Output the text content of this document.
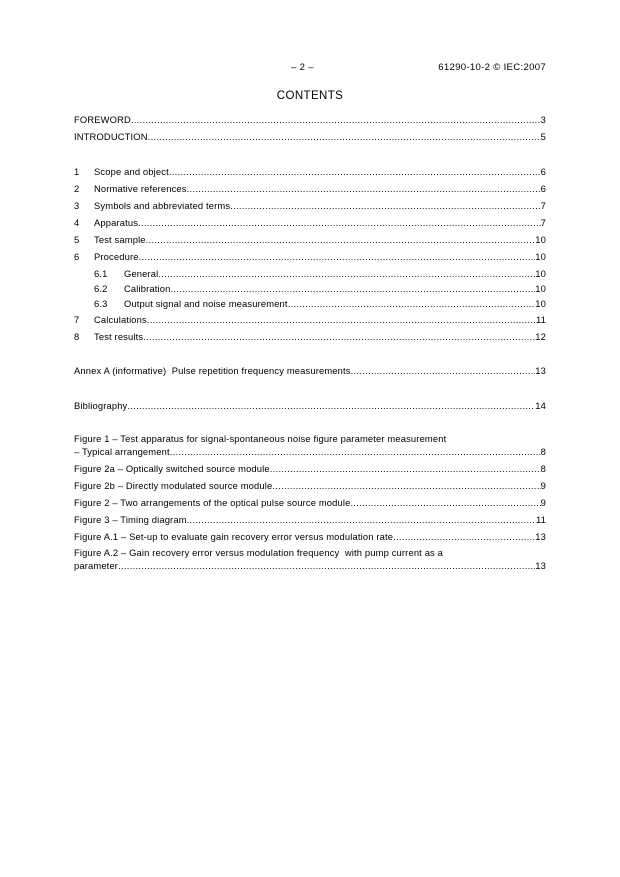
– 2 –	61290-10-2 © IEC:2007
CONTENTS
FOREWORD .....	3
INTRODUCTION .....	5
1	Scope and object .....	6
2	Normative references .....	6
3	Symbols and abbreviated terms .....	7
4	Apparatus .....	7
5	Test sample .....	10
6	Procedure .....	10
6.1	General .....	10
6.2	Calibration .....	10
6.3	Output signal and noise measurement .....	10
7	Calculations .....	11
8	Test results .....	12
Annex A (informative)  Pulse repetition frequency measurements .....	13
Bibliography .....	14
Figure 1 – Test apparatus for signal-spontaneous noise figure parameter measurement
– Typical arrangement .....	8
Figure 2a – Optically switched source module .....	8
Figure 2b – Directly modulated source module .....	9
Figure 2 – Two arrangements of the optical pulse source module .....	9
Figure 3 – Timing diagram .....	11
Figure A.1 – Set-up to evaluate gain recovery error versus modulation rate .....	13
Figure A.2 – Gain recovery error versus modulation frequency  with pump current as a
parameter .....	13
